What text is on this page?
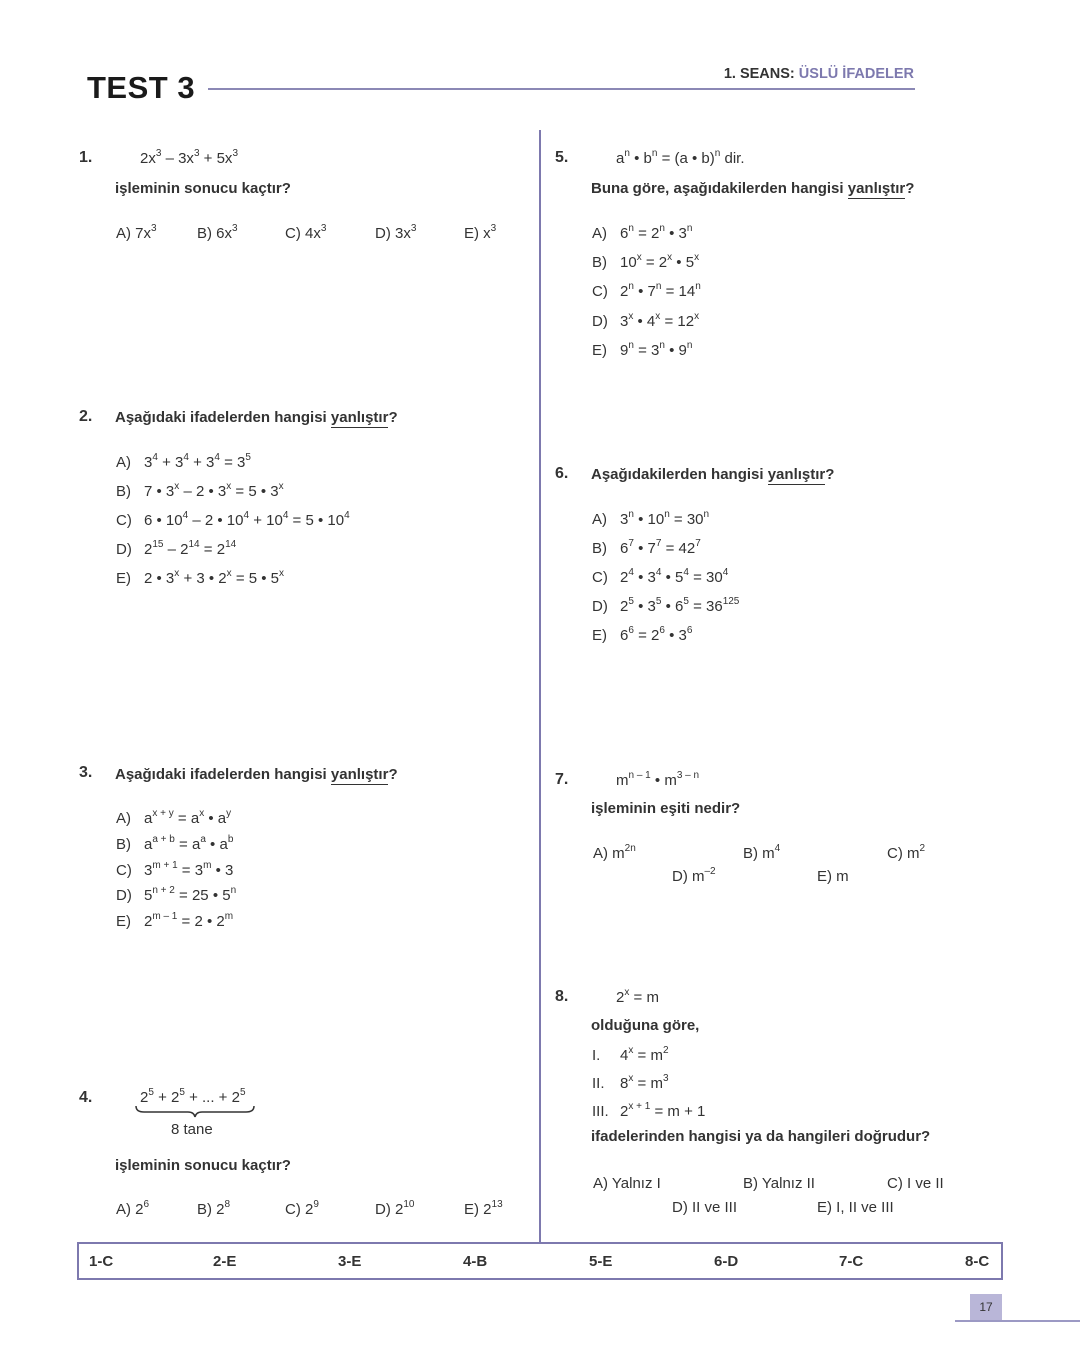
TEST 3	1. SEANS: ÜSLÜ İFADELER
1.	$2x^3 - 3x^3 + 5x^3$
işleminin sonucu kaçtır?
A) $7x^3$	B) $6x^3$	C) $4x^3$	D) $3x^3$	E) $x^3$
2. Aşağıdaki ifadelerden hangisi yanlıştır?
A) $3^4 + 3^4 + 3^4 = 3^5$
B) 7 • 3$^x$ – 2 • $3^x = 5$ • 3$^x$
C) 6 • $10^4 - 2$ • $10^4 + 10^4 = 5$ • $10^4$
D) $2^{15} - 2^{14} = 2^{14}$
E) 2 • $3^x + 3$ • $2^x = 5$ • 5$^x$
3. Aşağıdaki ifadelerden hangisi yanlıştır?
A) $a^{x + y} = a^x$ • $a^y$
B) $a^{a + b} = a^a$ • $a^b$
C) $3^{m + 1} = 3^m$ • 3
D) $5^{n + 2} = 25$ • 5$^n$
E) $2^{m - 1} = 2$ • 2$^m$
4.	$2^5 + 2^5$ + ... + $2^5$
8 tane
işleminin sonucu kaçtır?
A) $2^6$	B) $2^8$	C) $2^9$	D) $2^{10}$	E) $2^{13}$
5.	$a^n$ • $b^n = (a$ • b)$^n$ dir.
Buna göre, aşağıdakilerden hangisi yanlıştır?
A) $6^n = 2^n$ • 3$^n$
B) $10^x = 2^x$ • 5$^x$
C) 2$^n$ • $7^n = 14^n$
D) 3$^x$ • $4^x = 12^x$
E) $9^n = 3^n$ • 9$^n$
6. Aşağıdakilerden hangisi yanlıştır?
A) 3$^n$ • $10^n = 30^n$
B) $6^7$ • $7^7 = 42^7$
C) $2^4$ • $3^4$ • $5^4 = 30^4$
D) $2^5$ • $3^5$ • $6^5 = 36^{125}$
E) $6^6 = 2^6$ • $3^6$
7.	$m^{n - 1}$ • $m^{3 - n}$
işleminin eşiti nedir?
A) $m^{2n}$	B) $m^4$	C) $m^2$
D) $m^{-2}$	E) m
8.	$2^x = m$
olduğuna göre,
I. $4^x = m^2$
II. $8^x = m^3$
III. $2^{x + 1} = m + 1$
ifadelerinden hangisi ya da hangileri doğrudur?
A) Yalnız I	B) Yalnız II	C) I ve II
D) II ve III	E) I, II ve III
1-C	2-E	3-E	4-B	5-E	6-D	7-C	8-C
17
